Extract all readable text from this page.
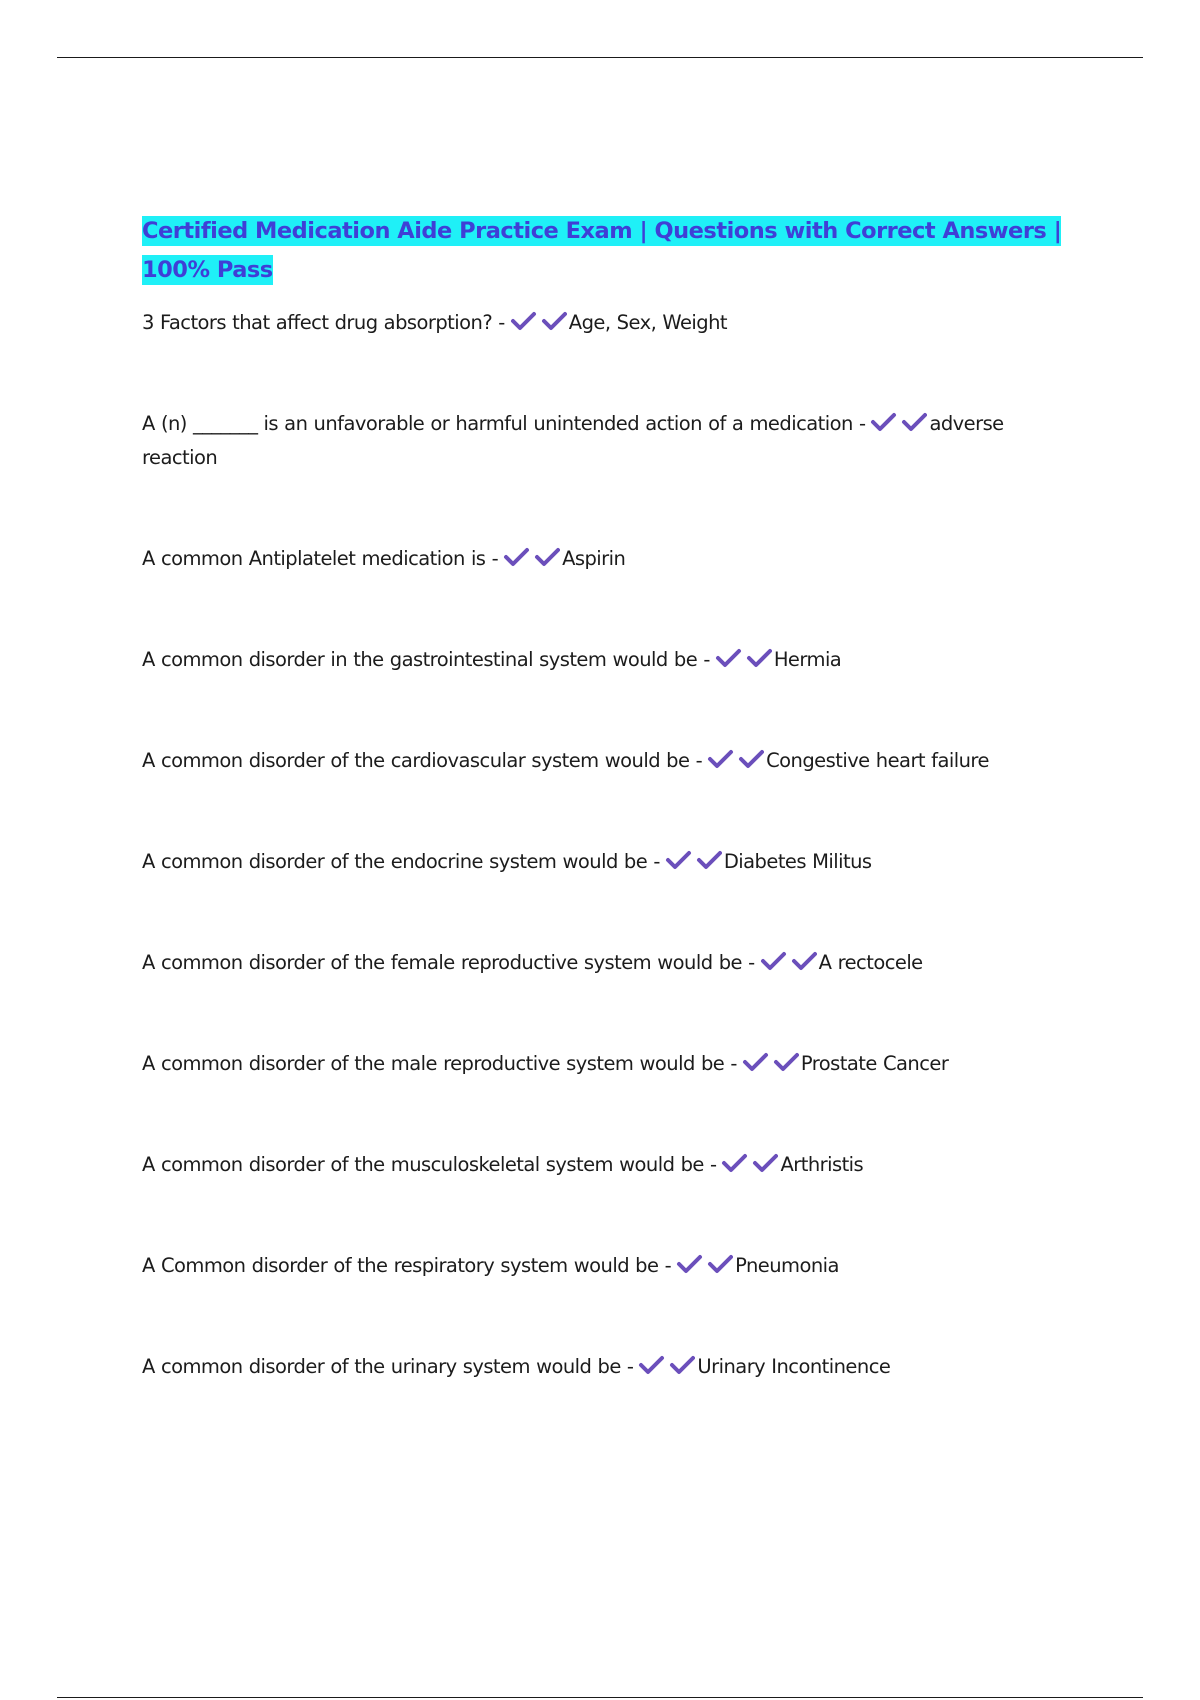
Certified Medication Aide Practice Exam | Questions with Correct Answers | 100% Pass

3 Factors that affect drug absorption? -	Age, Sex, Weight

A (n) _______ is an unfavorable or harmful unintended action of a medication -	adverse reaction

A common Antiplatelet medication is -	Aspirin

A common disorder in the gastrointestinal system would be -	Hermia

A common disorder of the cardiovascular system would be -	Congestive heart failure

A common disorder of the endocrine system would be -	Diabetes Militus

A common disorder of the female reproductive system would be -	A rectocele

A common disorder of the male reproductive system would be -	Prostate Cancer

A common disorder of the musculoskeletal system would be -	Arthristis

A Common disorder of the respiratory system would be -	Pneumonia

A common disorder of the urinary system would be -	Urinary Incontinence
